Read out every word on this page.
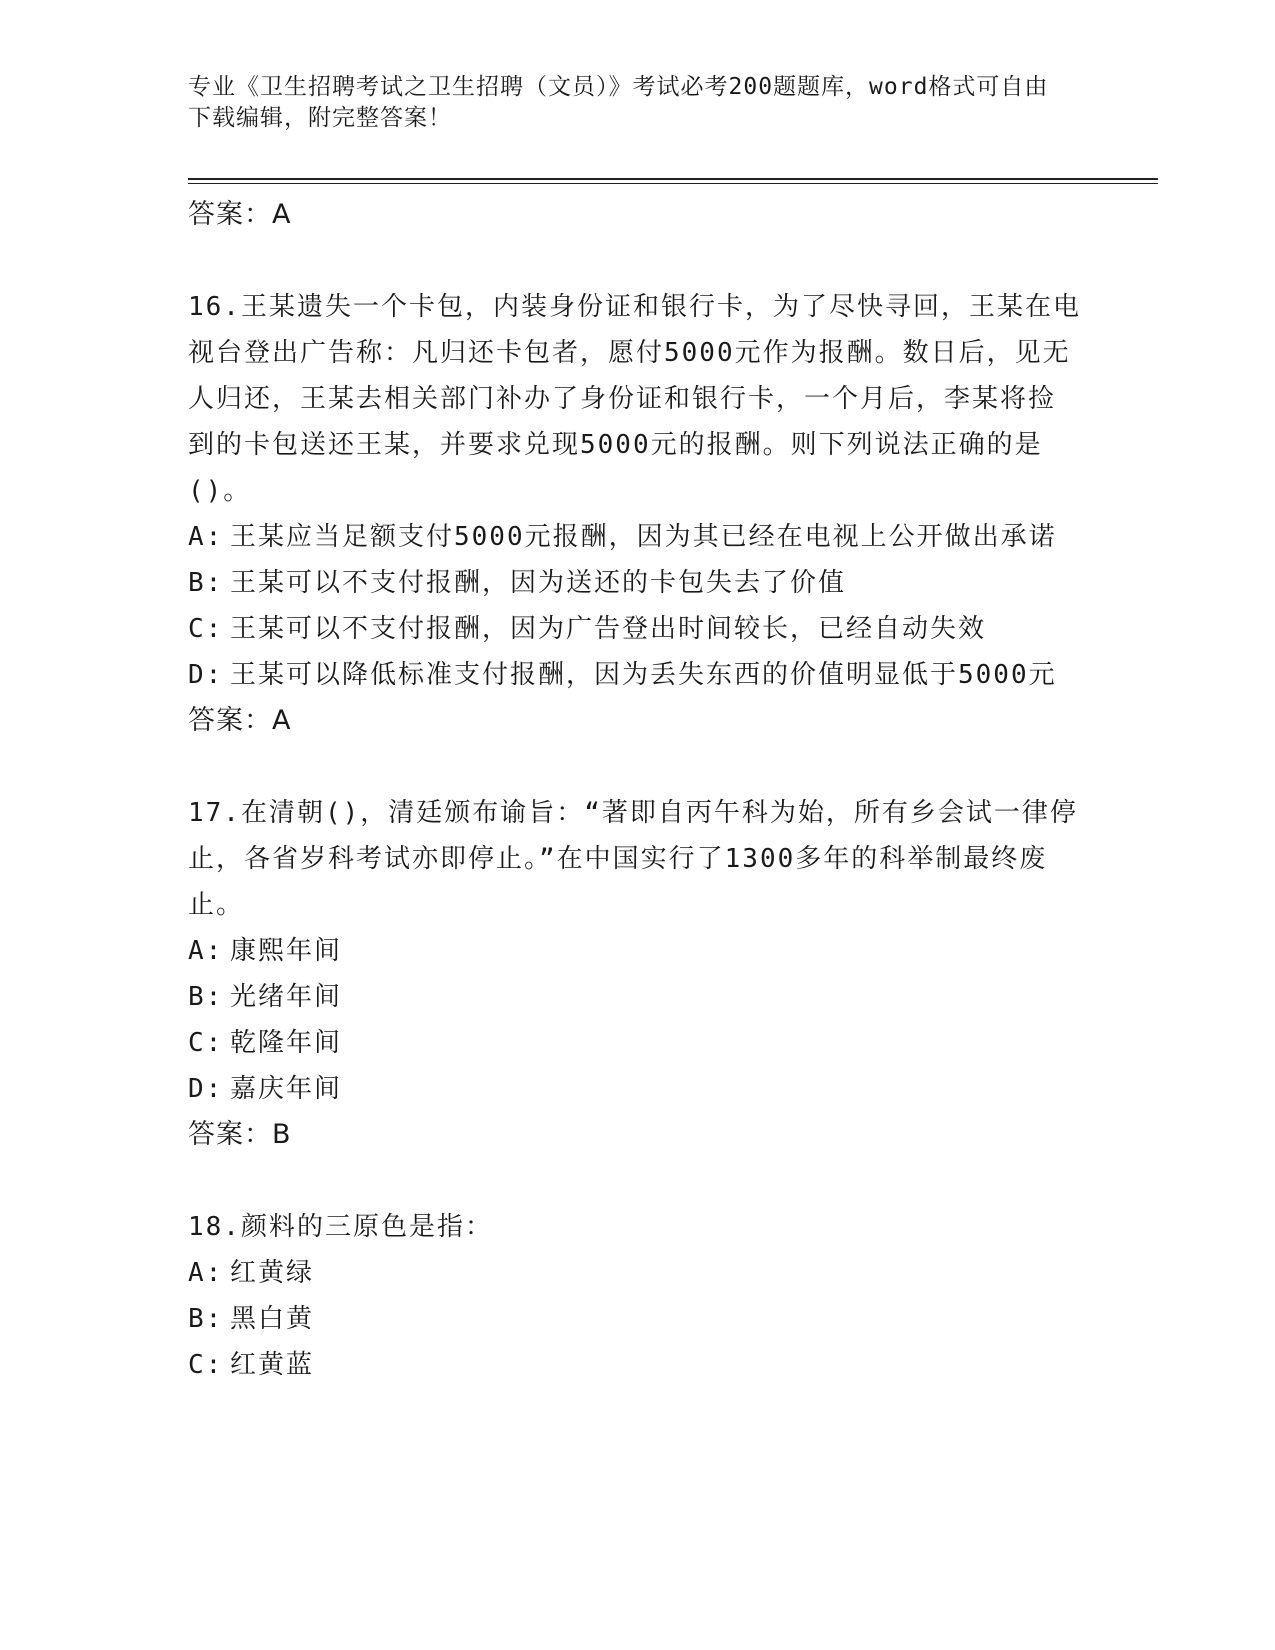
专业《卫生招聘考试之卫生招聘（文员）》考试必考200题题库，word格式可自由下载编辑，附完整答案！
答案：A
16.王某遗失一个卡包，内装身份证和银行卡，为了尽快寻回，王某在电视台登出广告称：凡归还卡包者，愿付5000元作为报酬。数日后，见无人归还，王某去相关部门补办了身份证和银行卡，一个月后，李某将捡到的卡包送还王某，并要求兑现5000元的报酬。则下列说法正确的是()。
A: 王某应当足额支付5000元报酬，因为其已经在电视上公开做出承诺
B: 王某可以不支付报酬，因为送还的卡包失去了价值
C: 王某可以不支付报酬，因为广告登出时间较长，已经自动失效
D: 王某可以降低标准支付报酬，因为丢失东西的价值明显低于5000元
答案：A
17.在清朝()，清廷颁布谕旨：“著即自丙午科为始，所有乡会试一律停止，各省岁科考试亦即停止。”在中国实行了1300多年的科举制最终废止。
A: 康熙年间
B: 光绪年间
C: 乾隆年间
D: 嘉庆年间
答案：B
18.颜料的三原色是指：
A: 红黄绿
B: 黑白黄
C: 红黄蓝
